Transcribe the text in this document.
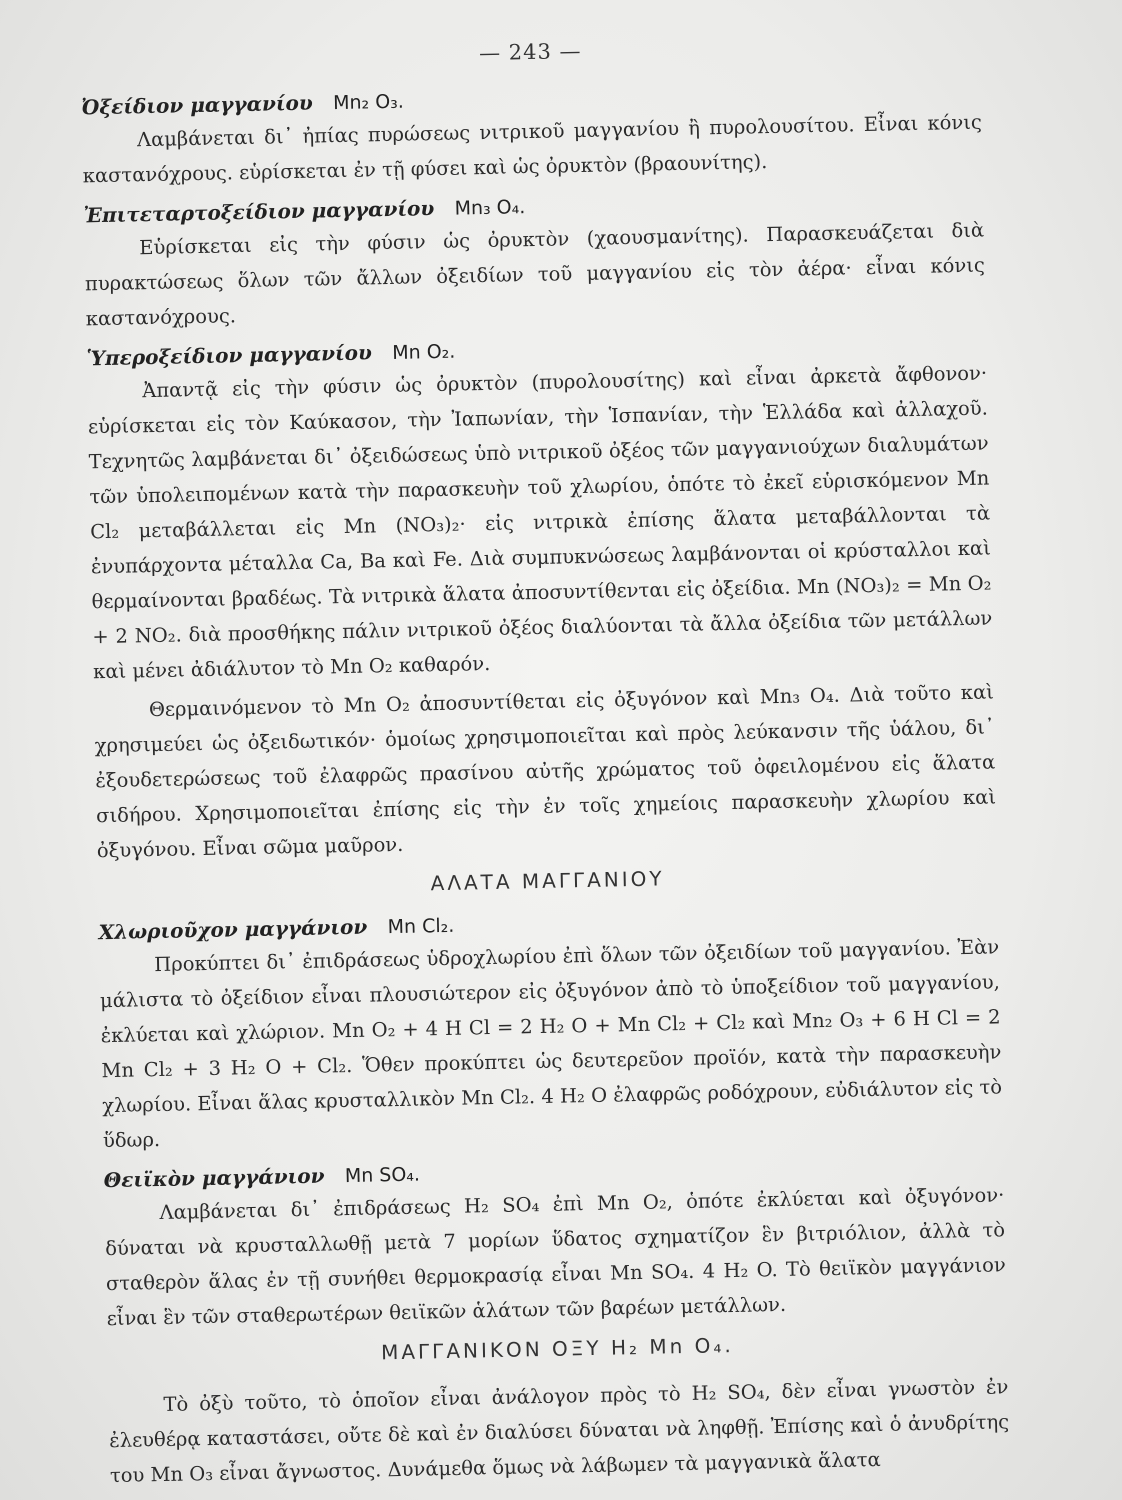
— 243 —
Ὀξείδιον μαγγανίου Mn₂ O₃.

Λαμβάνεται δι᾽ ἠπίας πυρώσεως νιτρικοῦ μαγγανίου ἢ πυρολουσίτου. Εἶναι κόνις καστανόχρους. εὑρίσκεται ἐν τῇ φύσει καὶ ὡς ὀρυκτὸν (βραουνίτης).

Ἐπιτεταρτοξείδιον μαγγανίου Mn₃ O₄.

Εὑρίσκεται εἰς τὴν φύσιν ὡς ὀρυκτὸν (χαουσμανίτης). Παρασκευάζεται διὰ πυρακτώσεως ὅλων τῶν ἄλλων ὀξειδίων τοῦ μαγγανίου εἰς τὸν ἀέρα· εἶναι κόνις καστανόχρους.

Ὑπεροξείδιον μαγγανίου Mn O₂.

Ἀπαντᾷ εἰς τὴν φύσιν ὡς ὀρυκτὸν (πυρολουσίτης) καὶ εἶναι ἀρκετὰ ἄφθονον· εὑρίσκεται εἰς τὸν Καύκασον, τὴν Ἰαπωνίαν, τὴν Ἱσπανίαν, τὴν Ἑλλάδα καὶ ἀλλαχοῦ. Τεχνητῶς λαμβάνεται δι᾽ ὀξειδώσεως ὑπὸ νιτρικοῦ ὀξέος τῶν μαγγανιούχων διαλυμάτων τῶν ὑπολειπομένων κατὰ τὴν παρασκευὴν τοῦ χλωρίου, ὁπότε τὸ ἐκεῖ εὑρισκόμενον Mn Cl₂ μεταβάλλεται εἰς Mn (NO₃)₂· εἰς νιτρικὰ ἐπίσης ἅλατα μεταβάλλονται τὰ ἐνυπάρχοντα μέταλλα Ca, Ba καὶ Fe. Διὰ συμπυκνώσεως λαμβάνονται οἱ κρύσταλλοι καὶ θερμαίνονται βραδέως. Τὰ νιτρικὰ ἅλατα ἀποσυντίθενται εἰς ὀξείδια. Mn (NO₃)₂ = Mn O₂ + 2 NO₂. διὰ προσθήκης πάλιν νιτρικοῦ ὀξέος διαλύονται τὰ ἄλλα ὀξείδια τῶν μετάλλων καὶ μένει ἀδιάλυτον τὸ Mn O₂ καθαρόν.

Θερμαινόμενον τὸ Mn O₂ ἀποσυντίθεται εἰς ὀξυγόνον καὶ Mn₃ O₄. Διὰ τοῦτο καὶ χρησιμεύει ὡς ὀξειδωτικόν· ὁμοίως χρησιμοποιεῖται καὶ πρὸς λεύκανσιν τῆς ὑάλου, δι᾽ ἐξουδετερώσεως τοῦ ἐλαφρῶς πρασίνου αὐτῆς χρώματος τοῦ ὀφειλομένου εἰς ἅλατα σιδήρου. Χρησιμοποιεῖται ἐπίσης εἰς τὴν ἐν τοῖς χημείοις παρασκευὴν χλωρίου καὶ ὀξυγόνου. Εἶναι σῶμα μαῦρον.

ΑΛΑΤΑ ΜΑΓΓΑΝΙΟΥ
Χλωριοῦχον μαγγάνιον Mn Cl₂.

Προκύπτει δι᾽ ἐπιδράσεως ὑδροχλωρίου ἐπὶ ὅλων τῶν ὀξειδίων τοῦ μαγγανίου. Ἐὰν μάλιστα τὸ ὀξείδιον εἶναι πλουσιώτερον εἰς ὀξυγόνον ἀπὸ τὸ ὑποξείδιον τοῦ μαγγανίου, ἐκλύεται καὶ χλώριον. Mn O₂ + 4 H Cl = 2 H₂ O + Mn Cl₂ + Cl₂ καὶ Mn₂ O₃ + 6 H Cl = 2 Mn Cl₂ + 3 H₂ O + Cl₂. Ὅθεν προκύπτει ὡς δευτερεῦον προϊόν, κατὰ τὴν παρασκευὴν χλωρίου. Εἶναι ἅλας κρυσταλλικὸν Mn Cl₂. 4 H₂ O ἐλαφρῶς ροδόχρουν, εὐδιάλυτον εἰς τὸ ὕδωρ.

Θειϊκὸν μαγγάνιον Mn SO₄.

Λαμβάνεται δι᾽ ἐπιδράσεως H₂ SO₄ ἐπὶ Mn O₂, ὁπότε ἐκλύεται καὶ ὀξυγόνον· δύναται νὰ κρυσταλλωθῇ μετὰ 7 μορίων ὕδατος σχηματίζον ἓν βιτριόλιον, ἀλλὰ τὸ σταθερὸν ἅλας ἐν τῇ συνήθει θερμοκρασίᾳ εἶναι Mn SO₄. 4 H₂ O. Τὸ θειϊκὸν μαγγάνιον εἶναι ἓν τῶν σταθερωτέρων θειϊκῶν ἁλάτων τῶν βαρέων μετάλλων.

ΜΑΓΓΑΝΙΚΟΝ ΟΞΥ H₂ Mn O₄.

Τὸ ὀξὺ τοῦτο, τὸ ὁποῖον εἶναι ἀνάλογον πρὸς τὸ H₂ SO₄, δὲν εἶναι γνωστὸν ἐν ἐλευθέρᾳ καταστάσει, οὔτε δὲ καὶ ἐν διαλύσει δύναται νὰ ληφθῇ. Ἐπίσης καὶ ὁ ἀνυδρίτης του Mn O₃ εἶναι ἄγνωστος. Δυνάμεθα ὅμως νὰ λάβωμεν τὰ μαγγανικὰ ἅλατα
